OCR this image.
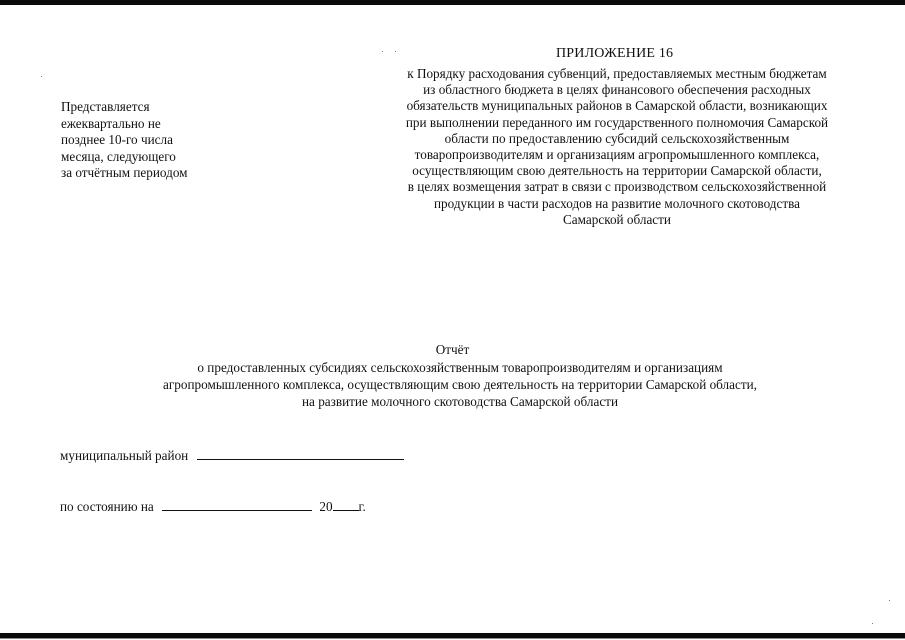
Представляется
ежеквартально не
позднее 10-го числа
месяца, следующего
за отчётным периодом
ПРИЛОЖЕНИЕ 16
к Порядку расходования субвенций, предоставляемых местным бюджетам
из областного бюджета в целях финансового обеспечения расходных
обязательств муниципальных районов в Самарской области, возникающих
при выполнении переданного им государственного полномочия Самарской
области по предоставлению субсидий сельскохозяйственным
товаропроизводителям и организациям агропромышленного комплекса,
осуществляющим свою деятельность на территории Самарской области,
в целях возмещения затрат в связи с производством сельскохозяйственной
продукции в части расходов на развитие молочного скотоводства
Самарской области
Отчёт
о предоставленных субсидиях сельскохозяйственным товаропроизводителям и организациям
агропромышленного комплекса, осуществляющим свою деятельность на территории Самарской области,
на развитие молочного скотоводства Самарской области
муниципальный район
по состоянию на	20 г.
